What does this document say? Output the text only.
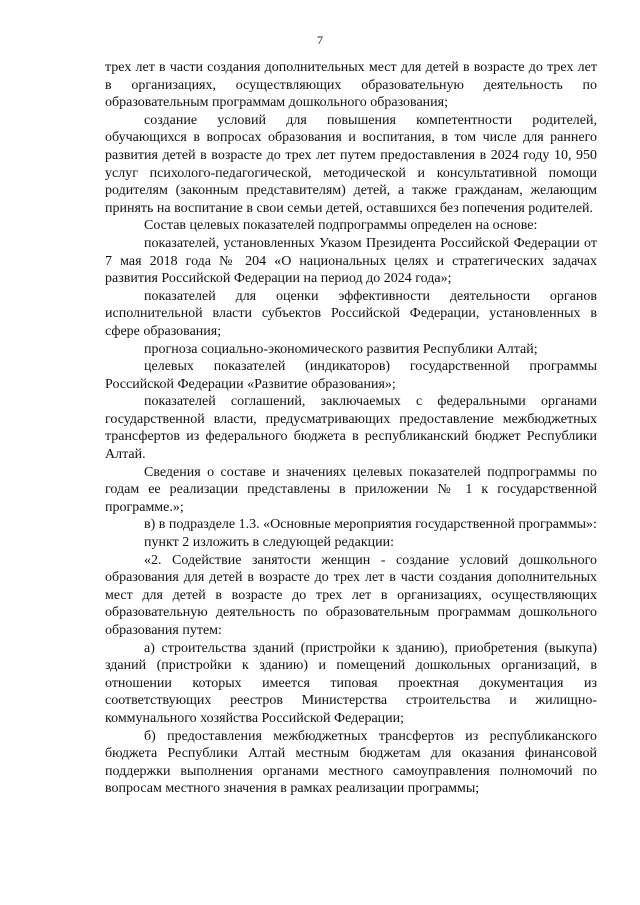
7

трех лет в части создания дополнительных мест для детей в возрасте до трех лет в организациях, осуществляющих образовательную деятельность по образовательным программам дошкольного образования;

создание условий для повышения компетентности родителей, обучающихся в вопросах образования и воспитания, в том числе для раннего развития детей в возрасте до трех лет путем предоставления в 2024 году 10, 950 услуг психолого-педагогической, методической и консультативной помощи родителям (законным представителям) детей, а также гражданам, желающим принять на воспитание в свои семьи детей, оставшихся без попечения родителей.

Состав целевых показателей подпрограммы определен на основе:

показателей, установленных Указом Президента Российской Федерации от 7 мая 2018 года № 204 «О национальных целях и стратегических задачах развития Российской Федерации на период до 2024 года»;

показателей для оценки эффективности деятельности органов исполнительной власти субъектов Российской Федерации, установленных в сфере образования;

прогноза социально-экономического развития Республики Алтай;

целевых показателей (индикаторов) государственной программы Российской Федерации «Развитие образования»;

показателей соглашений, заключаемых с федеральными органами государственной власти, предусматривающих предоставление межбюджетных трансфертов из федерального бюджета в республиканский бюджет Республики Алтай.

Сведения о составе и значениях целевых показателей подпрограммы по годам ее реализации представлены в приложении № 1 к государственной программе.»;

в) в подразделе 1.3. «Основные мероприятия государственной программы»:

пункт 2 изложить в следующей редакции:

«2. Содействие занятости женщин - создание условий дошкольного образования для детей в возрасте до трех лет в части создания дополнительных мест для детей в возрасте до трех лет в организациях, осуществляющих образовательную деятельность по образовательным программам дошкольного образования путем:

а) строительства зданий (пристройки к зданию), приобретения (выкупа) зданий (пристройки к зданию) и помещений дошкольных организаций, в отношении которых имеется типовая проектная документация из соответствующих реестров Министерства строительства и жилищно-коммунального хозяйства Российской Федерации;

б) предоставления межбюджетных трансфертов из республиканского бюджета Республики Алтай местным бюджетам для оказания финансовой поддержки выполнения органами местного самоуправления полномочий по вопросам местного значения в рамках реализации программы;
